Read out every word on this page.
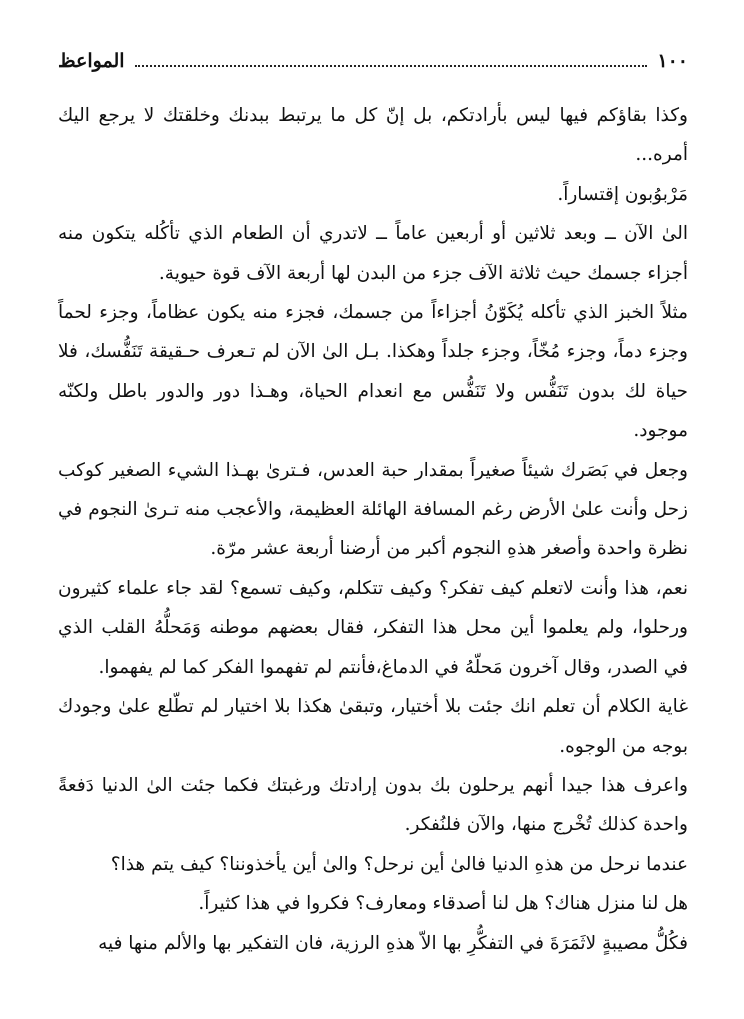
١٠٠
المواعظ

وكذا بقاؤكم فيها ليس بأرادتكم، بل إنّ كل ما يرتبط ببدنك وخلقتك لا يرجع اليك أمره...

مَرْبوُبون إقتساراً.

الىٰ الآن ــ وبعد ثلاثين أو أربعين عاماً ــ لاتدري أن الطعام الذي تأكُله يتكون منه أجزاء جسمك حيث ثلاثة الآف جزء من البدن لها أربعة الآف قوة حيوية.

مثلاً الخبز الذي تأكله يُكَوّنُ أجزاءاً من جسمك، فجزء منه يكون عظاماً، وجزء لحماً وجزء دماً، وجزء مُخّاً، وجزء جلداً وهكذا. بـل الىٰ الآن لم تـعرف حـقيقة تَنَفُّسك، فلا حياة لك بدون تَنَفُّس ولا تَنَفُّس مع انعدام الحياة، وهـذا دور والدور باطل ولكنّه موجود.

وجعل في بَصَرك شيئاً صغيراً بمقدار حبة العدس، فـترىٰ بهـذا الشيء الصغير كوكب زحل وأنت علىٰ الأرض رغم المسافة الهائلة العظيمة، والأعجب منه تـرىٰ النجوم في نظرة واحدة وأصغر هذهِ النجوم أكبر من أرضنا أربعة عشر مرّة.

نعم، هذا وأنت لاتعلم كيف تفكر؟ وكيف تتكلم، وكيف تسمع؟ لقد جاء علماء كثيرون ورحلوا، ولم يعلموا أين محل هذا التفكر، فقال بعضهم موطنه وَمَحلُّهُ القلب الذي في الصدر، وقال آخرون مَحلّهُ في الدماغ،فأنتم لم تفهموا الفكر كما لم يفهموا.

غاية الكلام أن تعلم انك جئت بلا أختيار، وتبقىٰ هكذا بلا اختيار لم تطّلع علىٰ وجودك بوجه من الوجوه.

واعرف هذا جيدا أنهم يرحلون بك بدون إرادتك ورغبتك فكما جئت الىٰ الدنيا دَفعةً واحدة كذلك تُخْرج منها، والآن فلنُفكر.

عندما نرحل من هذهِ الدنيا فالىٰ أين نرحل؟ والىٰ أين يأخذوننا؟ كيف يتم هذا؟

هل لنا منزل هناك؟ هل لنا أصدقاء ومعارف؟ فكروا في هذا كثيراً.

فكُلُّ مصيبةٍ لاثَمَرَةَ في التفكُّرِ بها الاّ هذهِ الرزية، فان التفكير بها والألم منها فيه
